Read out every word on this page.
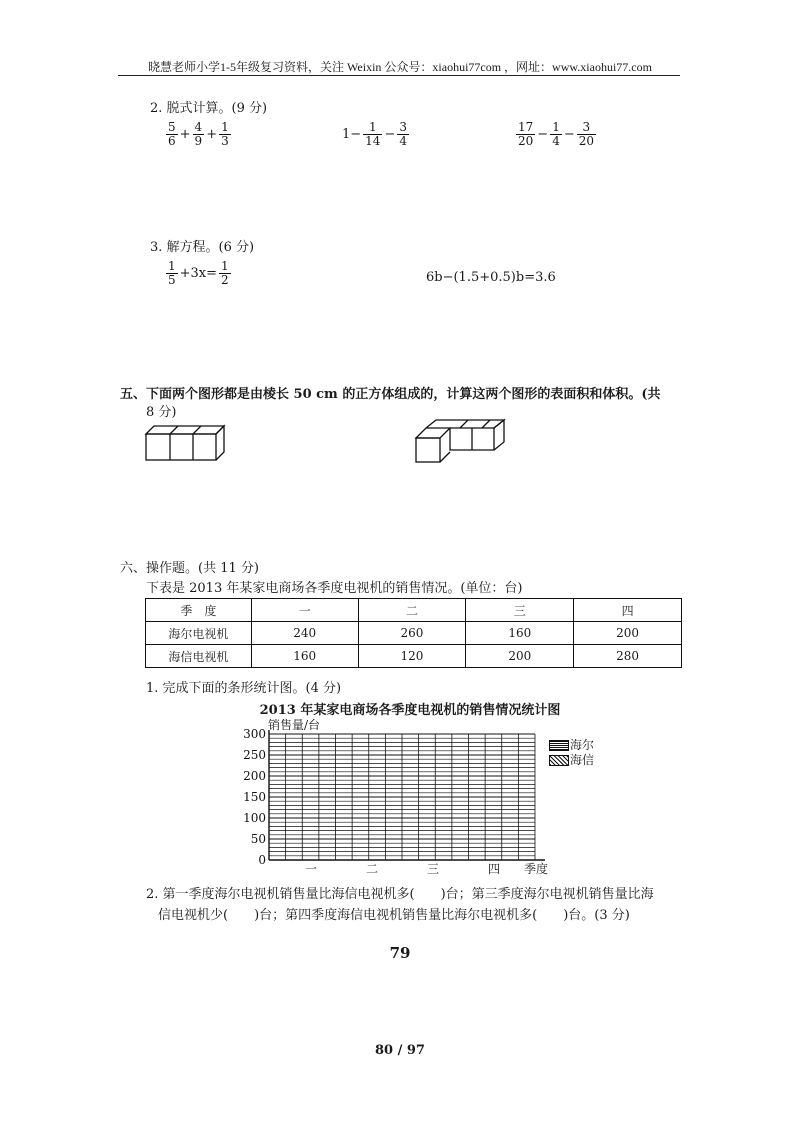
晓慧老师小学1-5年级复习资料，关注 Weixin 公众号：xiaohui77com ，网址：www.xiaohui77.com
2. 脱式计算。(9 分)
$\frac{5}{6} + \frac{4}{9} + \frac{1}{3}$	$1- \frac{1}{14} - \frac{3}{4}$	$\frac{17}{20} - \frac{1}{4} - \frac{3}{20}$
3. 解方程。(6 分)
$\frac{1}{5} +3x= \frac{1}{2}$	6b−(1.5+0.5)b=3.6
五、下面两个图形都是由棱长 50 cm 的正方体组成的，计算这两个图形的表面积和体积。(共
8 分)
六、操作题。(共 11 分)
下表是 2013 年某家电商场各季度电视机的销售情况。(单位：台)
季　度	一	二	三	四
海尔电视机	240	260	160	200
海信电视机	160	120	200	280
1. 完成下面的条形统计图。(4 分)
2013 年某家电商场各季度电视机的销售情况统计图
销售量/台
季度
0
50
100
150
200
250
300
一	二	三	四
海尔
海信
2. 第一季度海尔电视机销售量比海信电视机多( )台；第三季度海尔电视机销售量比海
信电视机少( )台；第四季度海信电视机销售量比海尔电视机多( )台。(3 分)
79
80 / 97
